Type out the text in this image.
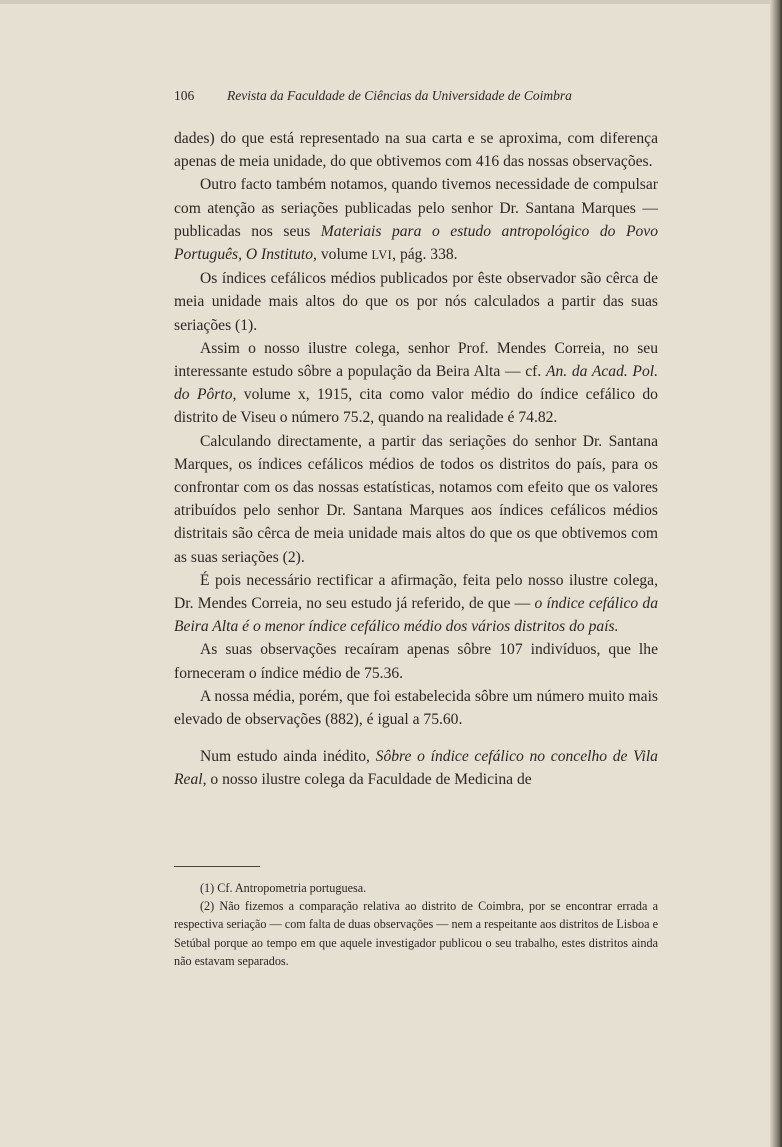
106 Revista da Faculdade de Ciências da Universidade de Coimbra

dades) do que está representado na sua carta e se aproxima, com diferença apenas de meia unidade, do que obtivemos com 416 das nossas observações.

Outro facto também notamos, quando tivemos necessidade de compulsar com atenção as seriações publicadas pelo senhor Dr. Santana Marques — publicadas nos seus Materiais para o estudo antropológico do Povo Português, O Instituto, volume LVI, pág. 338.

Os índices cefálicos médios publicados por êste observador são cêrca de meia unidade mais altos do que os por nós calculados a partir das suas seriações (1).

Assim o nosso ilustre colega, senhor Prof. Mendes Correia, no seu interessante estudo sôbre a população da Beira Alta — cf. An. da Acad. Pol. do Pôrto, volume x, 1915, cita como valor médio do índice cefálico do distrito de Viseu o número 75.2, quando na realidade é 74.82.

Calculando directamente, a partir das seriações do senhor Dr. Santana Marques, os índices cefálicos médios de todos os distritos do país, para os confrontar com os das nossas estatísticas, notamos com efeito que os valores atribuídos pelo senhor Dr. Santana Marques aos índices cefálicos médios distritais são cêrca de meia unidade mais altos do que os que obtivemos com as suas seriações (2).

É pois necessário rectificar a afirmação, feita pelo nosso ilustre colega, Dr. Mendes Correia, no seu estudo já referido, de que — o índice cefálico da Beira Alta é o menor índice cefálico médio dos vários distritos do país.

As suas observações recaíram apenas sôbre 107 indivíduos, que lhe forneceram o índice médio de 75.36.

A nossa média, porém, que foi estabelecida sôbre um número muito mais elevado de observações (882), é igual a 75.60.

Num estudo ainda inédito, Sôbre o índice cefálico no concelho de Vila Real, o nosso ilustre colega da Faculdade de Medicina de

(1) Cf. Antropometria portuguesa.

(2) Não fizemos a comparação relativa ao distrito de Coimbra, por se encontrar errada a respectiva seriação — com falta de duas observações — nem a respeitante aos distritos de Lisboa e Setúbal porque ao tempo em que aquele investigador publicou o seu trabalho, estes distritos ainda não estavam separados.
